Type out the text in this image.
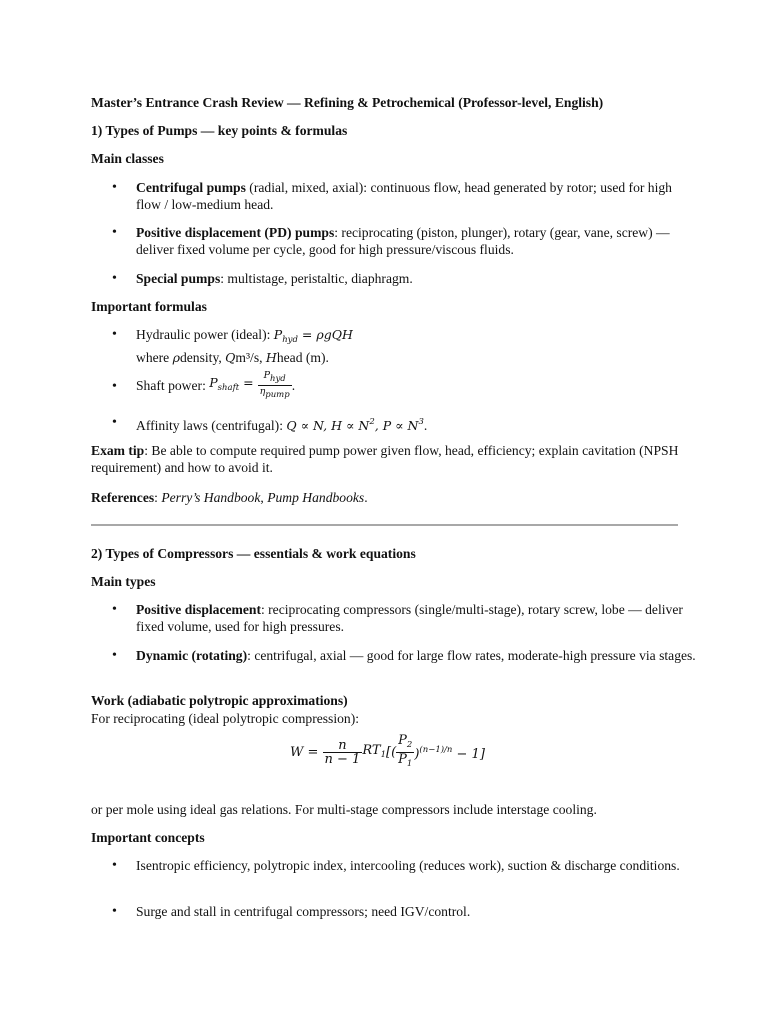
Master’s Entrance Crash Review — Refining & Petrochemical (Professor-level, English)
1) Types of Pumps — key points & formulas
Main classes
• Centrifugal pumps (radial, mixed, axial): continuous flow, head generated by rotor; used for high flow / low-medium head.
• Positive displacement (PD) pumps: reciprocating (piston, plunger), rotary (gear, vane, screw) — deliver fixed volume per cycle, good for high pressure/viscous fluids.
• Special pumps: multistage, peristaltic, diaphragm.
Important formulas
• Hydraulic power (ideal): $P_{hyd} = \rho gQH$
where ρdensity, Qm³/s, Hhead (m).
• Shaft power: $P_{shaft} = \frac{\text{Phyd}}{\text{ηpump}}$ .
• Affinity laws (centrifugal): Q ∝ N, $H \propto N^2$, $P \propto N^3$.
Exam tip: Be able to compute required pump power given flow, head, efficiency; explain cavitation (NPSH requirement) and how to avoid it.
References: Perry’s Handbook, Pump Handbooks.
2) Types of Compressors — essentials & work equations
Main types
• Positive displacement: reciprocating compressors (single/multi-stage), rotary screw, lobe — deliver fixed volume, used for high pressures.
• Dynamic (rotating): centrifugal, axial — good for large flow rates, moderate-high pressure via stages.
Work (adiabatic polytropic approximations)
For reciprocating (ideal polytropic compression):
$W = \frac{n}{n - 1} RT_1[( \frac{P_2}{P_1} )^{(n-1)/n} - 1]$
or per mole using ideal gas relations. For multi-stage compressors include interstage cooling.
Important concepts
• Isentropic efficiency, polytropic index, intercooling (reduces work), suction & discharge conditions.
• Surge and stall in centrifugal compressors; need IGV/control.
